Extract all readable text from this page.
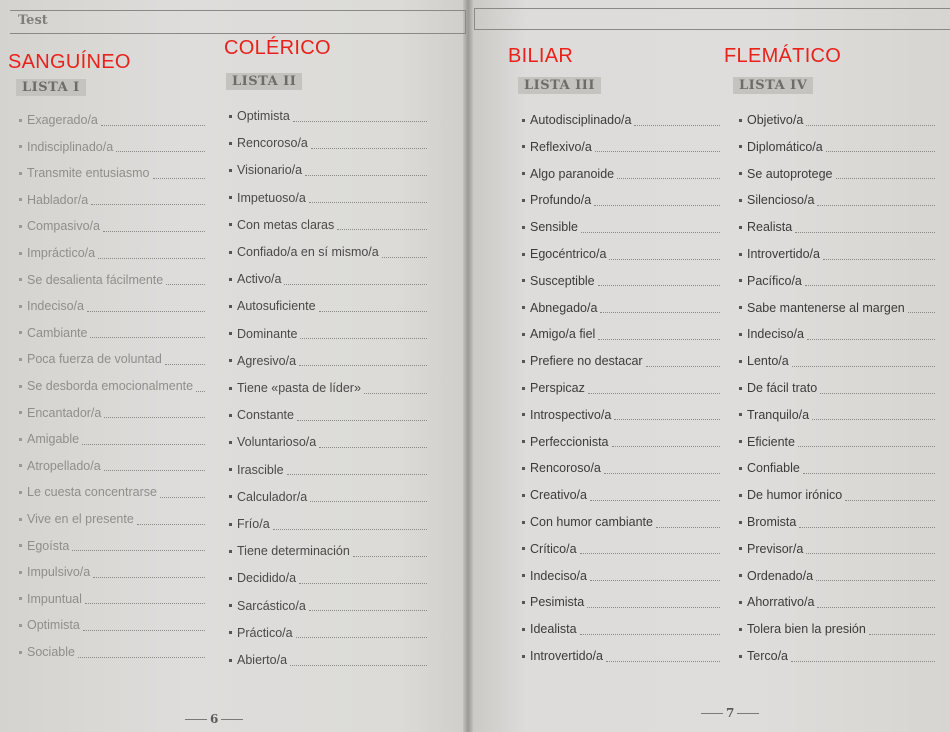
Test
SANGUÍNEO
COLÉRICO	BILIAR	FLEMÁTICO
LISTA I	LISTA II	LISTA III	LISTA IV
Exagerado/a
Indisciplinado/a
Transmite entusiasmo
Hablador/a
Compasivo/a
Impráctico/a
Se desalienta fácilmente
Indeciso/a
Cambiante
Poca fuerza de voluntad
Se desborda emocionalmente
Encantador/a
Amigable
Atropellado/a
Le cuesta concentrarse
Vive en el presente
Egoísta
Impulsivo/a
Impuntual
Optimista
Sociable
Optimista
Rencoroso/a
Visionario/a
Impetuoso/a
Con metas claras
Confiado/a en sí mismo/a
Activo/a
Autosuficiente
Dominante
Agresivo/a
Tiene «pasta de líder»
Constante
Voluntarioso/a
Irascible
Calculador/a
Frío/a
Tiene determinación
Decidido/a
Sarcástico/a
Práctico/a
Abierto/a
Autodisciplinado/a
Reflexivo/a
Algo paranoide
Profundo/a
Sensible
Egocéntrico/a
Susceptible
Abnegado/a
Amigo/a fiel
Prefiere no destacar
Perspicaz
Introspectivo/a
Perfeccionista
Rencoroso/a
Creativo/a
Con humor cambiante
Crítico/a
Indeciso/a
Pesimista
Idealista
Introvertido/a
Objetivo/a
Diplomático/a
Se autoprotege
Silencioso/a
Realista
Introvertido/a
Pacífico/a
Sabe mantenerse al margen
Indeciso/a
Lento/a
De fácil trato
Tranquilo/a
Eficiente
Confiable
De humor irónico
Bromista
Previsor/a
Ordenado/a
Ahorrativo/a
Tolera bien la presión
Terco/a
6	7
